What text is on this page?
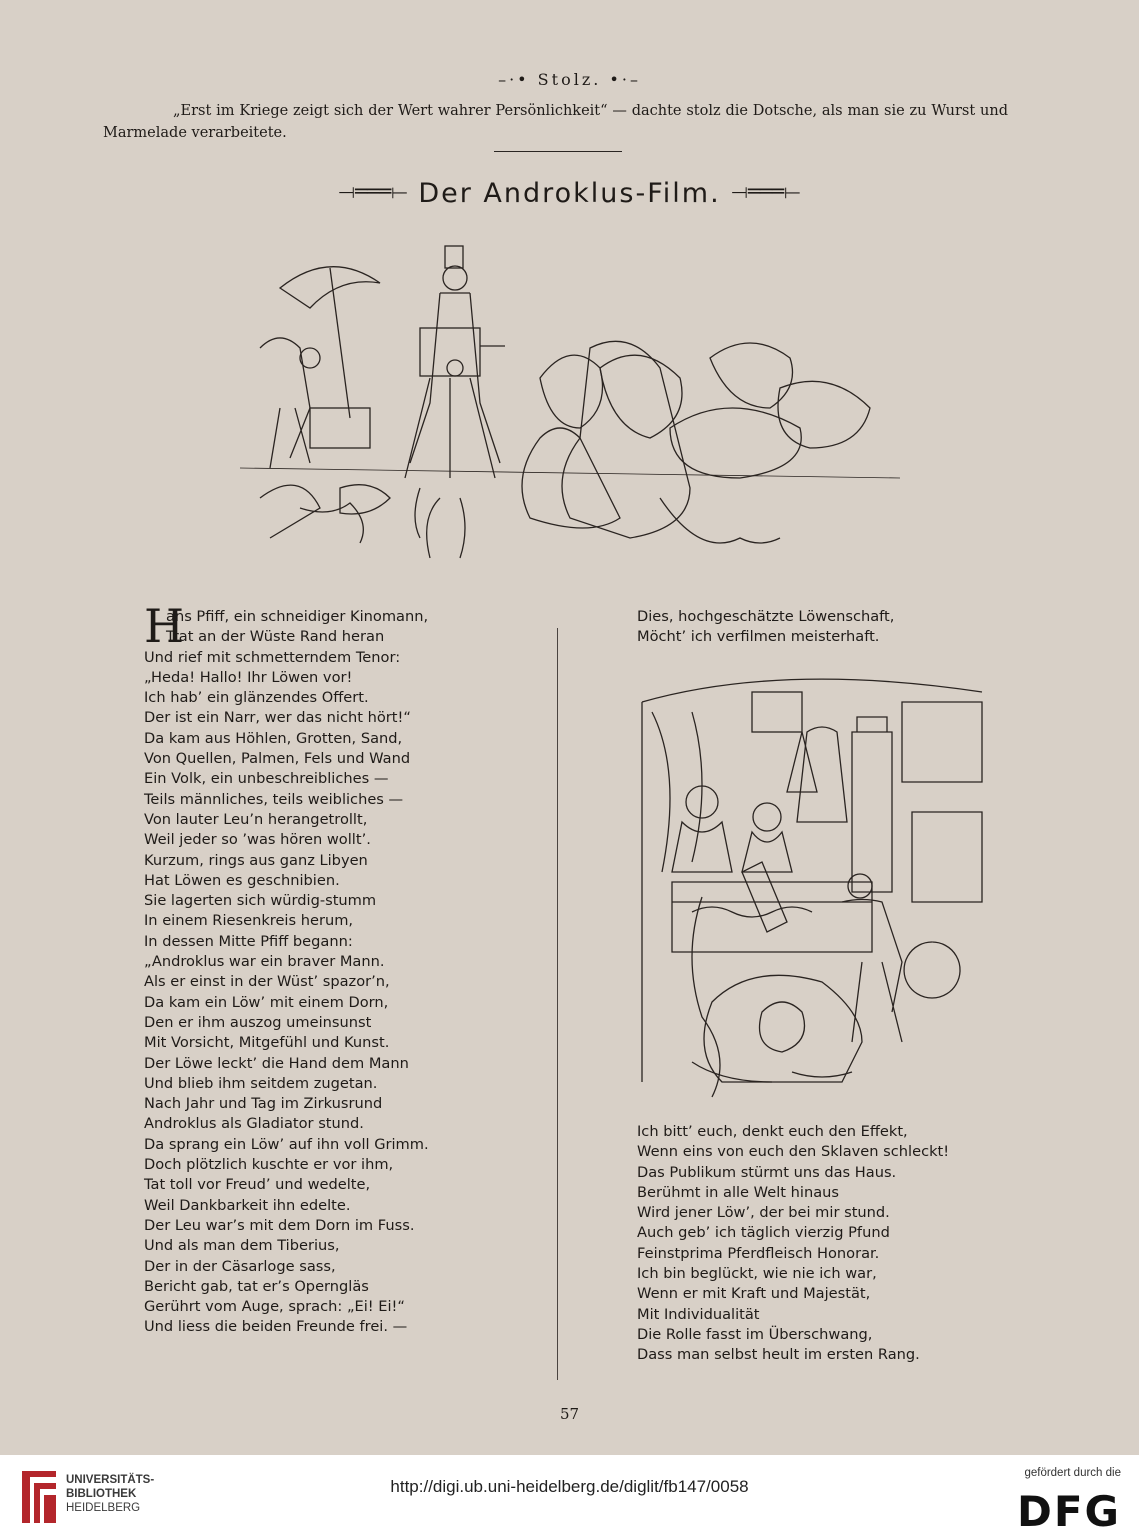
–·• Stolz. •·–
„Erst im Kriege zeigt sich der Wert wahrer Persönlichkeit“ — dachte stolz die Dotsche, als man sie zu Wurst und Marmelade verarbeitete.
⟞═══⟝ Der Androklus-Film. ⟞═══⟝
H
ans Pfiff, ein schneidiger Kinomann,
Trat an der Wüste Rand heran
Und rief mit schmetterndem Tenor:
„Heda! Hallo! Ihr Löwen vor!
Ich hab’ ein glänzendes Offert.
Der ist ein Narr, wer das nicht hört!“
Da kam aus Höhlen, Grotten, Sand,
Von Quellen, Palmen, Fels und Wand
Ein Volk, ein unbeschreibliches —
Teils männliches, teils weibliches —
Von lauter Leu’n herangetrollt,
Weil jeder so ’was hören wollt’.
Kurzum, rings aus ganz Libyen
Hat Löwen es geschnibien.
Sie lagerten sich würdig-stumm
In einem Riesenkreis herum,
In dessen Mitte Pfiff begann:
„Androklus war ein braver Mann.
Als er einst in der Wüst’ spazor’n,
Da kam ein Löw’ mit einem Dorn,
Den er ihm auszog umeinsunst
Mit Vorsicht, Mitgefühl und Kunst.
Der Löwe leckt’ die Hand dem Mann
Und blieb ihm seitdem zugetan.
Nach Jahr und Tag im Zirkusrund
Androklus als Gladiator stund.
Da sprang ein Löw’ auf ihn voll Grimm.
Doch plötzlich kuschte er vor ihm,
Tat toll vor Freud’ und wedelte,
Weil Dankbarkeit ihn edelte.
Der Leu war’s mit dem Dorn im Fuss.
Und als man dem Tiberius,
Der in der Cäsarloge sass,
Bericht gab, tat er’s Operngläs
Gerührt vom Auge, sprach: „Ei! Ei!“
Und liess die beiden Freunde frei. —
Dies, hochgeschätzte Löwenschaft,
Möcht’ ich verfilmen meisterhaft.
Ich bitt’ euch, denkt euch den Effekt,
Wenn eins von euch den Sklaven schleckt!
Das Publikum stürmt uns das Haus.
Berühmt in alle Welt hinaus
Wird jener Löw’, der bei mir stund.
Auch geb’ ich täglich vierzig Pfund
Feinstprima Pferdfleisch Honorar.
Ich bin beglückt, wie nie ich war,
Wenn er mit Kraft und Majestät,
Mit Individualität
Die Rolle fasst im Überschwang,
Dass man selbst heult im ersten Rang.
57
UNIVERSITÄTS-
BIBLIOTHEK
HEIDELBERG
http://digi.ub.uni-heidelberg.de/diglit/fb147/0058
gefördert durch die
DFG
